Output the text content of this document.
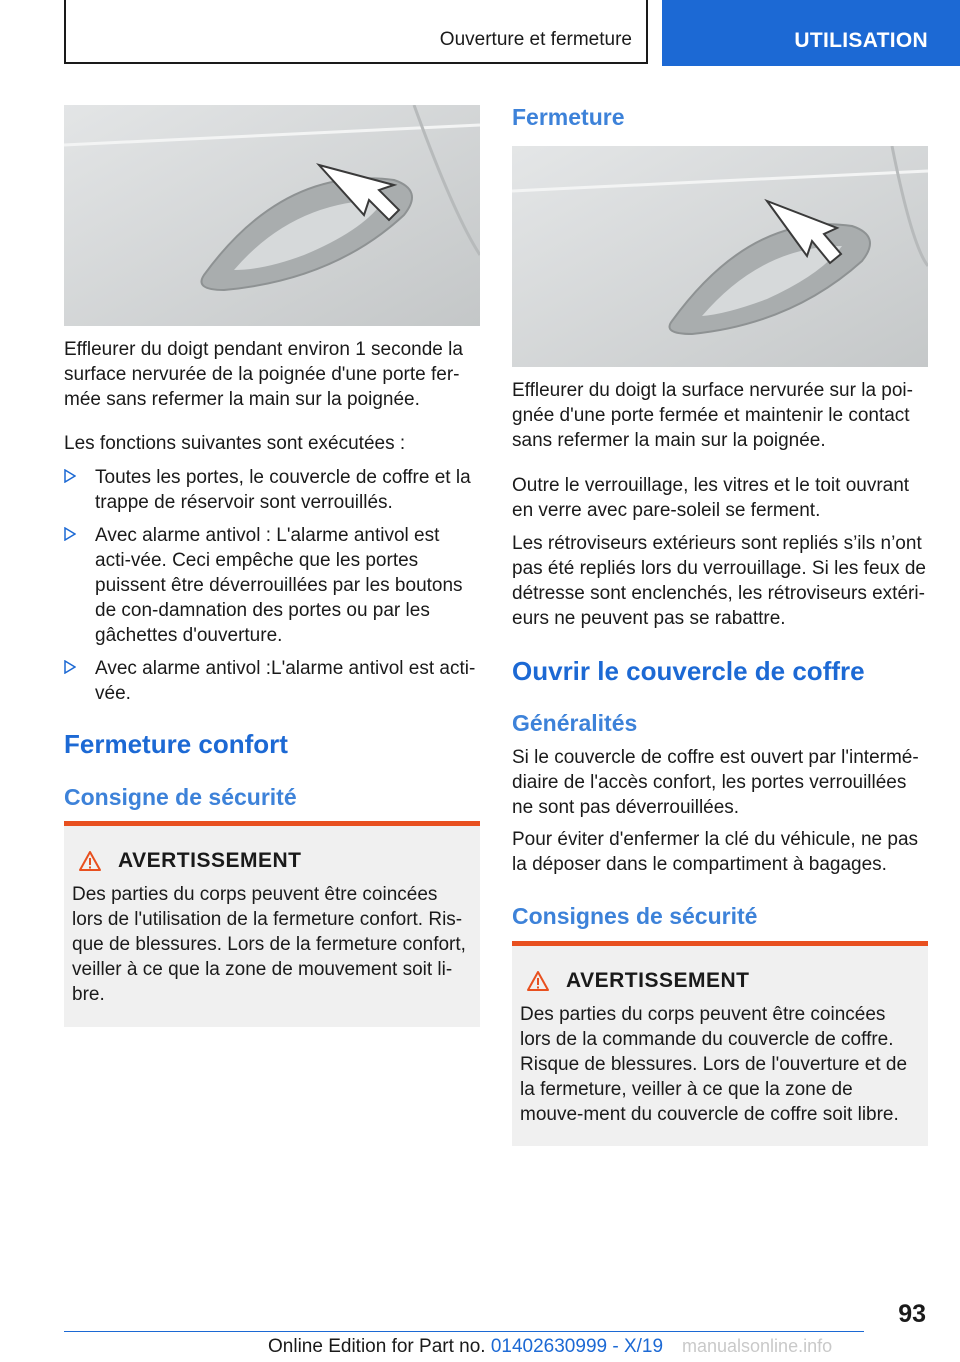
Ouverture et fermeture	UTILISATION

Effleurer du doigt pendant environ 1 seconde la surface nervurée de la poignée d'une porte fer-mée sans refermer la main sur la poignée.

Les fonctions suivantes sont exécutées :

Toutes les portes, le couvercle de coffre et la trappe de réservoir sont verrouillés.
Avec alarme antivol : L'alarme antivol est acti-vée. Ceci empêche que les portes puissent être déverrouillées par les boutons de con-damnation des portes ou par les gâchettes d'ouverture.
Avec alarme antivol :L'alarme antivol est acti-vée.
Fermeture confort
Consigne de sécurité
AVERTISSEMENT

Des parties du corps peuvent être coincées lors de l'utilisation de la fermeture confort. Ris-que de blessures. Lors de la fermeture confort, veiller à ce que la zone de mouvement soit li-bre.

Fermeture

Effleurer du doigt la surface nervurée sur la poi-gnée d'une porte fermée et maintenir le contact sans refermer la main sur la poignée.

Outre le verrouillage, les vitres et le toit ouvrant en verre avec pare-soleil se ferment.

Les rétroviseurs extérieurs sont repliés s’ils n’ont pas été repliés lors du verrouillage. Si les feux de détresse sont enclenchés, les rétroviseurs extéri-eurs ne peuvent pas se rabattre.

Ouvrir le couvercle de coffre
Généralités

Si le couvercle de coffre est ouvert par l'intermé-diaire de l'accès confort, les portes verrouillées ne sont pas déverrouillées.

Pour éviter d'enfermer la clé du véhicule, ne pas la déposer dans le compartiment à bagages.

Consignes de sécurité
AVERTISSEMENT

Des parties du corps peuvent être coincées lors de la commande du couvercle de coffre. Risque de blessures. Lors de l'ouverture et de la fermeture, veiller à ce que la zone de mouve-ment du couvercle de coffre soit libre.

93
Online Edition for Part no. 01402630999 - X/19 manualsonline.info
